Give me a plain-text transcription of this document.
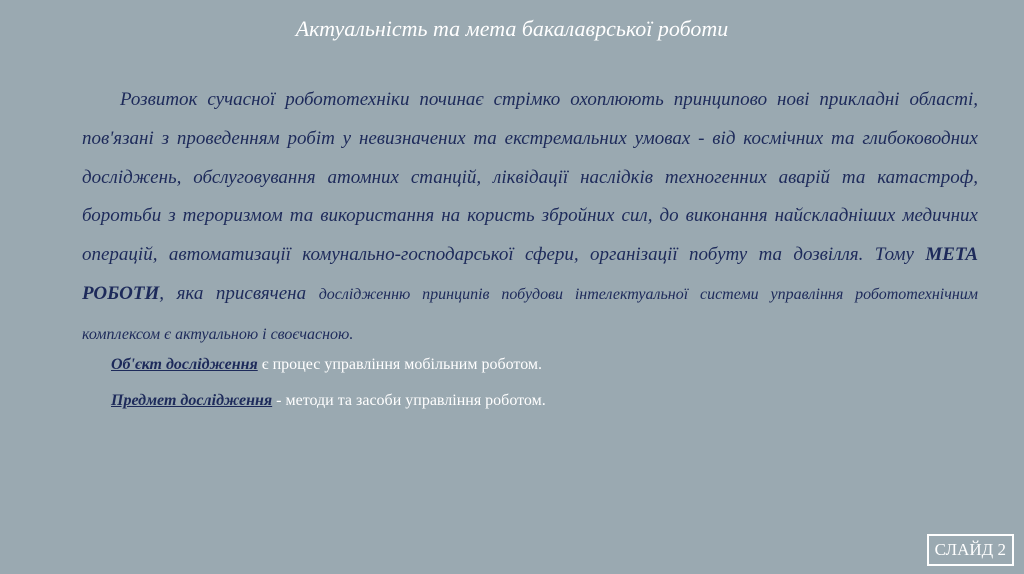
Актуальність та мета бакалаврської роботи
Розвиток сучасної робототехніки починає стрімко охоплюють принципово нові прикладні області, пов'язані з проведенням робіт у невизначених та екстремальних умовах - від космічних та глибоководних досліджень, обслуговування атомних станцій, ліквідації наслідків техногенних аварій та катастроф, боротьби з тероризмом та використання на користь збройних сил, до виконання найскладніших медичних операцій, автоматизації комунально-господарської сфери, організації побуту та дозвілля. Тому МЕТА РОБОТИ, яка присвячена дослідженню принципів побудови інтелектуальної системи управління робототехнічним комплексом є актуальною і своєчасною.
Об'єкт дослідження є процес управління мобільним роботом.
Предмет дослідження - методи та засоби управління роботом.
СЛАЙД 2
